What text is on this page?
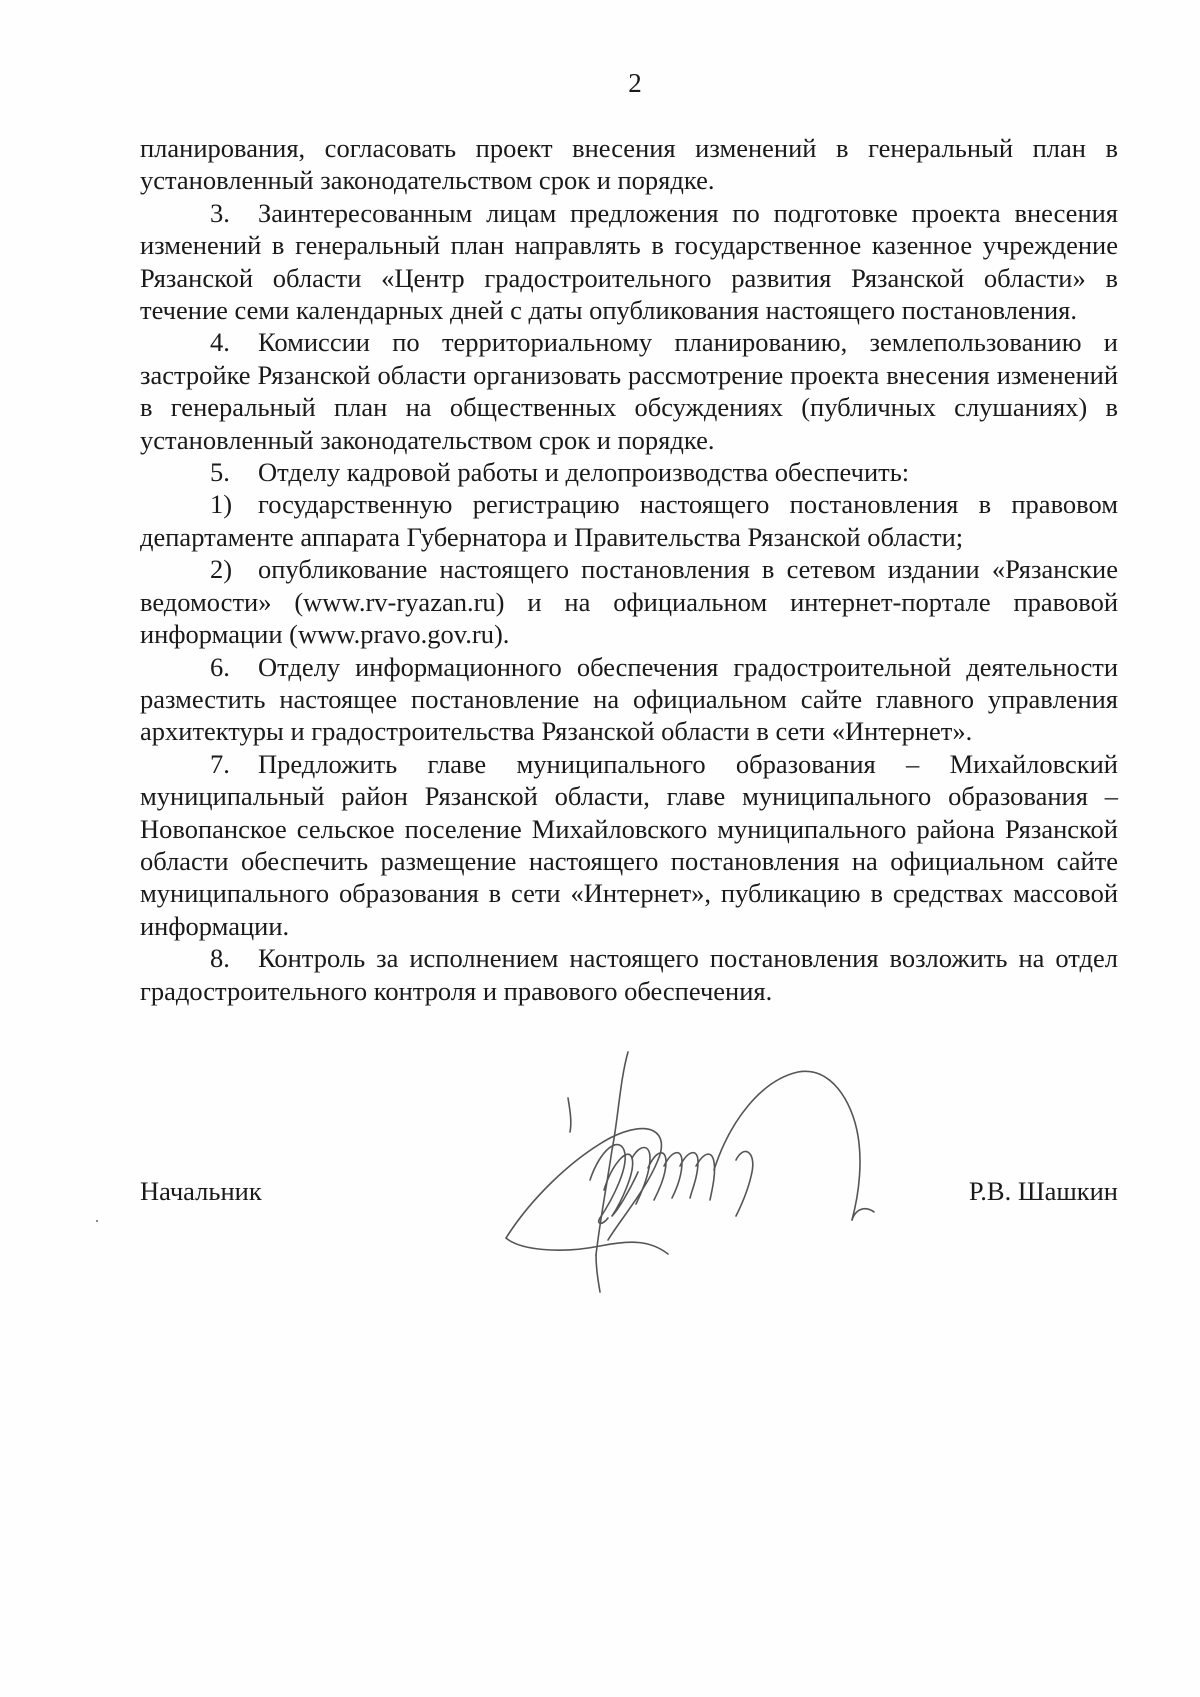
2

планирования, согласовать проект внесения изменений в генеральный план в установленный законодательством срок и порядке.

3. Заинтересованным лицам предложения по подготовке проекта внесения изменений в генеральный план направлять в государственное казенное учреждение Рязанской области «Центр градостроительного развития Рязанской области» в течение семи календарных дней с даты опубликования настоящего постановления.

4. Комиссии по территориальному планированию, землепользованию и застройке Рязанской области организовать рассмотрение проекта внесения изменений в генеральный план на общественных обсуждениях (публичных слушаниях) в установленный законодательством срок и порядке.

5. Отделу кадровой работы и делопроизводства обеспечить:

1) государственную регистрацию настоящего постановления в правовом департаменте аппарата Губернатора и Правительства Рязанской области;

2) опубликование настоящего постановления в сетевом издании «Рязанские ведомости» (www.rv-ryazan.ru) и на официальном интернет-портале правовой информации (www.pravo.gov.ru).

6. Отделу информационного обеспечения градостроительной деятельности разместить настоящее постановление на официальном сайте главного управления архитектуры и градостроительства Рязанской области в сети «Интернет».

7. Предложить главе муниципального образования – Михайловский муниципальный район Рязанской области, главе муниципального образования – Новопанское сельское поселение Михайловского муниципального района Рязанской области обеспечить размещение настоящего постановления на официальном сайте муниципального образования в сети «Интернет», публикацию в средствах массовой информации.

8. Контроль за исполнением настоящего постановления возложить на отдел градостроительного контроля и правового обеспечения.

Начальник	Р.В. Шашкин
